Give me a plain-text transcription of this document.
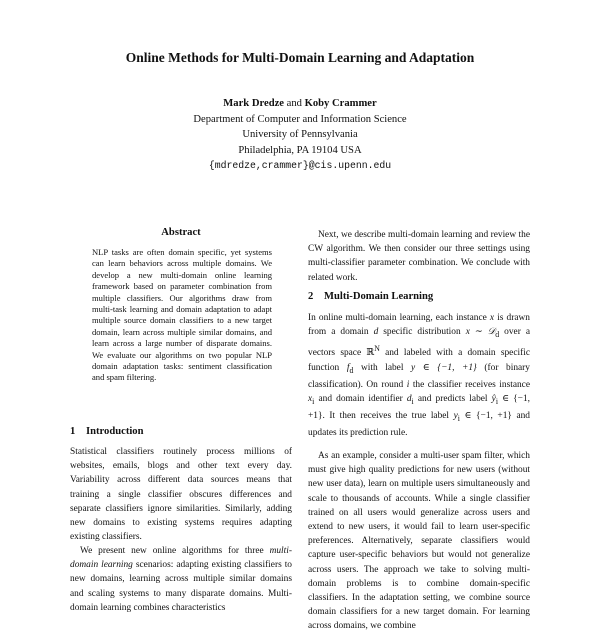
Online Methods for Multi-Domain Learning and Adaptation
Mark Dredze and Koby Crammer
Department of Computer and Information Science
University of Pennsylvania
Philadelphia, PA 19104 USA
{mdredze,crammer}@cis.upenn.edu
Abstract

NLP tasks are often domain specific, yet systems can learn behaviors across multiple domains. We develop a new multi-domain online learning framework based on parameter combination from multiple classifiers. Our algorithms draw from multi-task learning and domain adaptation to adapt multiple source domain classifiers to a new target domain, learn across multiple similar domains, and learn across a large number of disparate domains. We evaluate our algorithms on two popular NLP domain adaptation tasks: sentiment classification and spam filtering.

1 Introduction

Statistical classifiers routinely process millions of websites, emails, blogs and other text every day. Variability across different data sources means that training a single classifier obscures differences and separate classifiers ignore similarities. Similarly, adding new domains to existing systems requires adapting existing classifiers.

We present new online algorithms for three multi-domain learning scenarios: adapting existing classifiers to new domains, learning across multiple similar domains and scaling systems to many disparate domains. Multi-domain learning combines characteristics

Next, we describe multi-domain learning and review the CW algorithm. We then consider our three settings using multi-classifier parameter combination. We conclude with related work.

2 Multi-Domain Learning

In online multi-domain learning, each instance x is drawn from a domain d specific distribution x ∼ 𝒟$_d$ over a vectors space ℝ$^N$ and labeled with a domain specific function $f_d$ with label y ∈ {−1, +1} (for binary classification). On round i the classifier receives instance $x_i$ and domain identifier $d_i$ and predicts label $ŷ_i$ ∈ {−1, +1}. It then receives the true label $y_i$ ∈ {−1, +1} and updates its prediction rule.

As an example, consider a multi-user spam filter, which must give high quality predictions for new users (without new user data), learn on multiple users simultaneously and scale to thousands of accounts. While a single classifier trained on all users would generalize across users and extend to new users, it would fail to learn user-specific preferences. Alternatively, separate classifiers would capture user-specific behaviors but would not generalize across users. The approach we take to solving multi-domain problems is to combine domain-specific classifiers. In the adaptation setting, we combine source domain classifiers for a new target domain. For learning across domains, we combine
